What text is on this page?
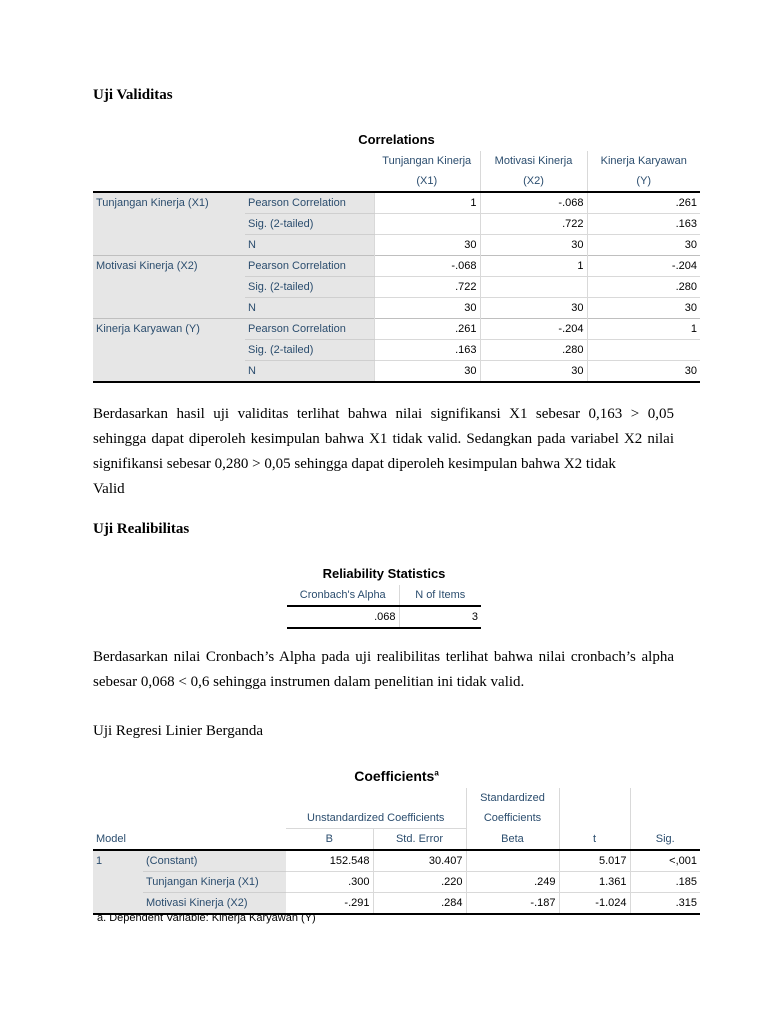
Uji Validitas
Correlations
		Tunjangan Kinerja	Motivasi Kinerja	Kinerja Karyawan
		(X1)	(X2)	(Y)
Tunjangan Kinerja (X1)	Pearson Correlation	1	-.068	.261
	Sig. (2-tailed)		.722	.163
	N	30	30	30
Motivasi Kinerja (X2)	Pearson Correlation	-.068	1	-.204
	Sig. (2-tailed)	.722		.280
	N	30	30	30
Kinerja Karyawan (Y)	Pearson Correlation	.261	-.204	1
	Sig. (2-tailed)	.163	.280	
	N	30	30	30
Berdasarkan hasil uji validitas terlihat bahwa nilai signifikansi X1 sebesar 0,163 > 0,05 sehingga dapat diperoleh kesimpulan bahwa X1 tidak valid. Sedangkan pada variabel X2 nilai signifikansi sebesar 0,280 > 0,05 sehingga dapat diperoleh kesimpulan bahwa X2 tidak
Valid
Uji Realibilitas
Reliability Statistics
Cronbach's Alpha	N of Items
.068	3
Berdasarkan nilai Cronbach’s Alpha pada uji realibilitas terlihat bahwa nilai cronbach’s alpha sebesar 0,068 < 0,6 sehingga instrumen dalam penelitian ini tidak valid.
Uji Regresi Linier Berganda
Coefficients$^a$
				Standardized		
		Unstandardized Coefficients		Coefficients		
Model		B	Std. Error	Beta	t	Sig.
1	(Constant)	152.548	30.407		5.017	<,001
	Tunjangan Kinerja (X1)	.300	.220	.249	1.361	.185
	Motivasi Kinerja (X2)	-.291	.284	-.187	-1.024	.315
a. Dependent Variable: Kinerja Karyawan (Y)
